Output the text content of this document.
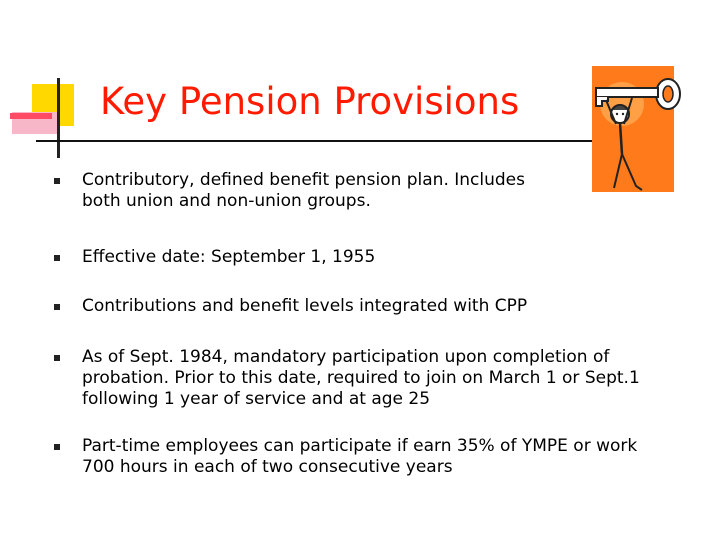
Key Pension Provisions
Contributory, defined benefit pension plan. Includes both union and non-union groups.
Effective date: September 1, 1955
Contributions and benefit levels integrated with CPP
As of Sept. 1984, mandatory participation upon completion of probation. Prior to this date, required to join on March 1 or Sept.1 following 1 year of service and at age 25
Part-time employees can participate if earn 35% of YMPE or work 700 hours in each of two consecutive years
